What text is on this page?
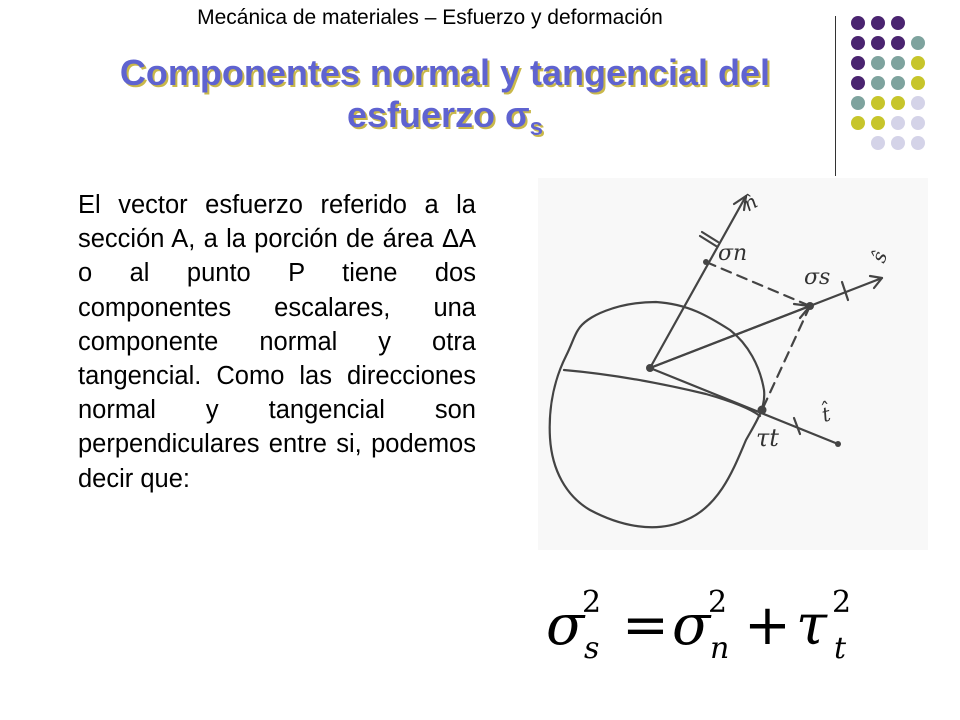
Mecánica de materiales – Esfuerzo y deformación
Componentes normal y tangencial del
esfuerzo $\sigma_s$
El vector esfuerzo referido a la sección A, a la porción de área ΔA o al punto P tiene dos componentes escalares, una componente normal y otra tangencial. Como las direcciones normal y tangencial son perpendiculares entre si, podemos decir que:
n̂
σn
σs
ŝ
τt
t̂
σ
2
s = σ
2
n + τ 2
t
